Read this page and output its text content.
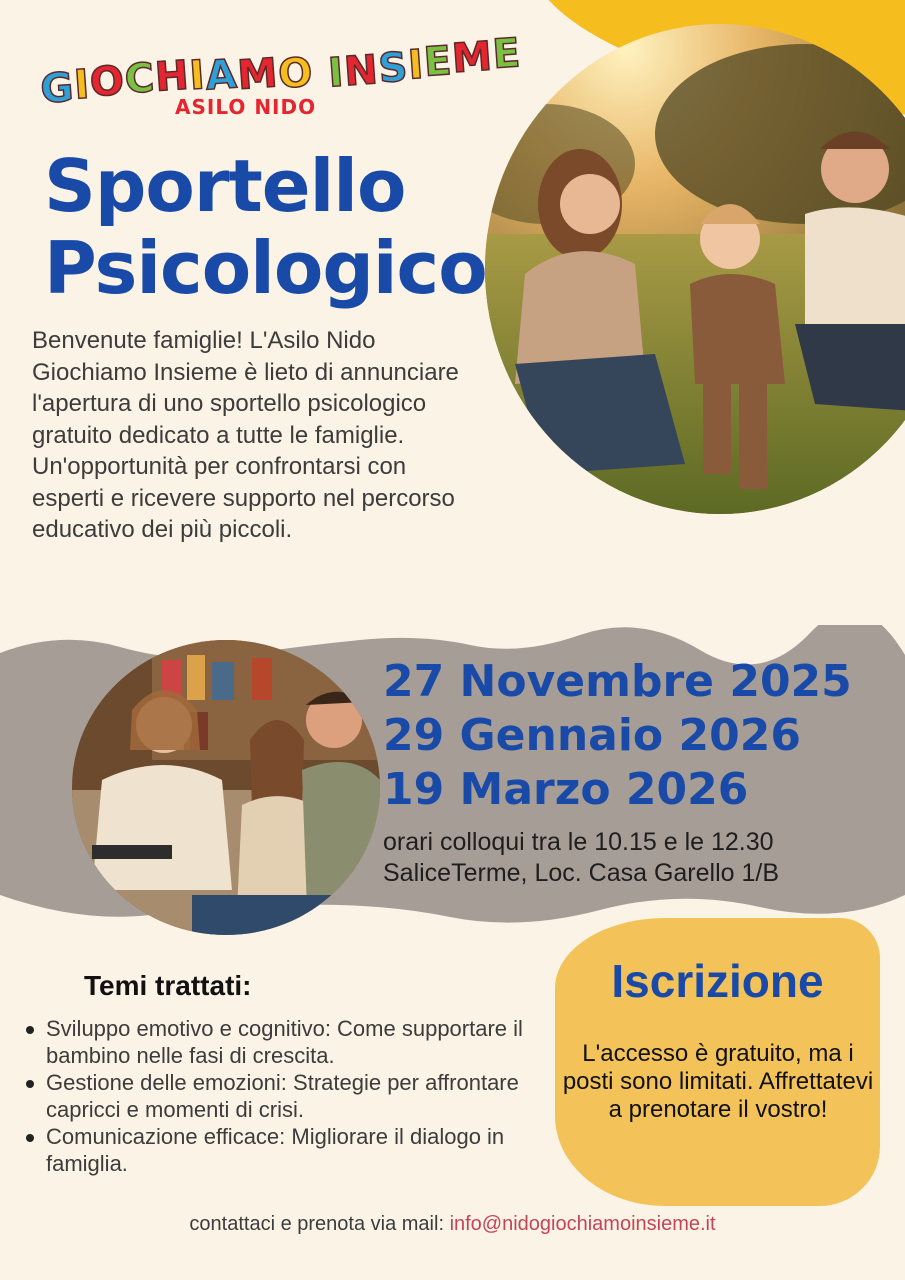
GIOCHIAMO INSIEME
ASILO NIDO
Sportello
Psicologico

Benvenute famiglie! L'Asilo Nido Giochiamo Insieme è lieto di annunciare l'apertura di uno sportello psicologico gratuito dedicato a tutte le famiglie. Un'opportunità per confrontarsi con esperti e ricevere supporto nel percorso educativo dei più piccoli.

27 Novembre 2025
29 Gennaio 2026
19 Marzo 2026
orari colloqui tra le 10.15 e le 12.30
SaliceTerme, Loc. Casa Garello 1/B
Temi trattati:
Sviluppo emotivo e cognitivo: Come supportare il bambino nelle fasi di crescita.
Gestione delle emozioni: Strategie per affrontare capricci e momenti di crisi.
Comunicazione efficace: Migliorare il dialogo in famiglia.
Iscrizione
L'accesso è gratuito, ma i posti sono limitati. Affrettatevi a prenotare il vostro!
contattaci e prenota via mail: info@nidogiochiamoinsieme.it
